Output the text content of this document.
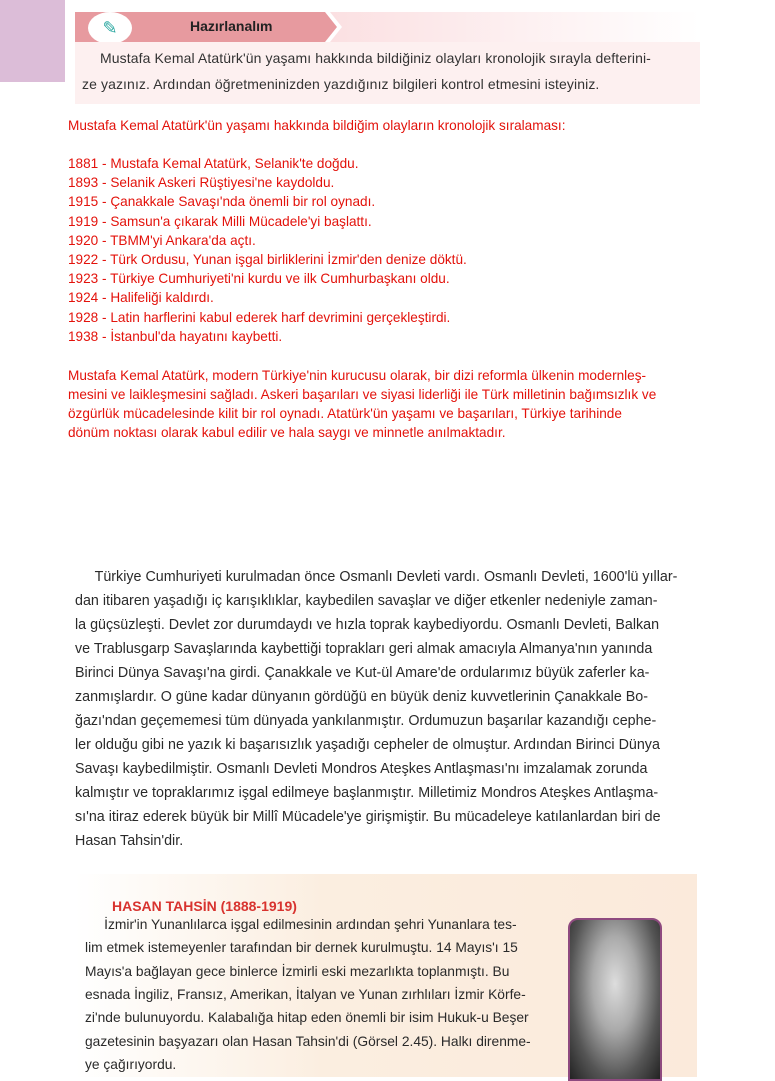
✎	Hazırlanalım
Mustafa Kemal Atatürk'ün yaşamı hakkında bildiğiniz olayları kronolojik sırayla defterini-
ze yazınız. Ardından öğretmeninizden yazdığınız bilgileri kontrol etmesini isteyiniz.
Mustafa Kemal Atatürk'ün yaşamı hakkında bildiğim olayların kronolojik sıralaması:
1881 - Mustafa Kemal Atatürk, Selanik'te doğdu.
1893 - Selanik Askeri Rüştiyesi'ne kaydoldu.
1915 - Çanakkale Savaşı'nda önemli bir rol oynadı.
1919 - Samsun'a çıkarak Milli Mücadele'yi başlattı.
1920 - TBMM'yi Ankara'da açtı.
1922 - Türk Ordusu, Yunan işgal birliklerini İzmir'den denize döktü.
1923 - Türkiye Cumhuriyeti'ni kurdu ve ilk Cumhurbaşkanı oldu.
1924 - Halifeliği kaldırdı.
1928 - Latin harflerini kabul ederek harf devrimini gerçekleştirdi.
1938 - İstanbul'da hayatını kaybetti.
Mustafa Kemal Atatürk, modern Türkiye'nin kurucusu olarak, bir dizi reformla ülkenin modernleş-
mesini ve laikleşmesini sağladı. Askeri başarıları ve siyasi liderliği ile Türk milletinin bağımsızlık ve
özgürlük mücadelesinde kilit bir rol oynadı. Atatürk'ün yaşamı ve başarıları, Türkiye tarihinde
dönüm noktası olarak kabul edilir ve hala saygı ve minnetle anılmaktadır.
Türkiye Cumhuriyeti kurulmadan önce Osmanlı Devleti vardı. Osmanlı Devleti, 1600'lü yıllar-
dan itibaren yaşadığı iç karışıklıklar, kaybedilen savaşlar ve diğer etkenler nedeniyle zaman-
la güçsüzleşti. Devlet zor durumdaydı ve hızla toprak kaybediyordu. Osmanlı Devleti, Balkan
ve Trablusgarp Savaşlarında kaybettiği toprakları geri almak amacıyla Almanya'nın yanında
Birinci Dünya Savaşı'na girdi. Çanakkale ve Kut-ül Amare'de ordularımız büyük zaferler ka-
zanmışlardır. O güne kadar dünyanın gördüğü en büyük deniz kuvvetlerinin Çanakkale Bo-
ğazı'ndan geçememesi tüm dünyada yankılanmıştır. Ordumuzun başarılar kazandığı cephe-
ler olduğu gibi ne yazık ki başarısızlık yaşadığı cepheler de olmuştur. Ardından Birinci Dünya
Savaşı kaybedilmiştir. Osmanlı Devleti Mondros Ateşkes Antlaşması'nı imzalamak zorunda
kalmıştır ve topraklarımız işgal edilmeye başlanmıştır. Milletimiz Mondros Ateşkes Antlaşma-
sı'na itiraz ederek büyük bir Millî Mücadele'ye girişmiştir. Bu mücadeleye katılanlardan biri de
Hasan Tahsin'dir.
İzmir'in Yunanlılarca işgal edilmesinin ardından şehri Yunanlara tes-
lim etmek istemeyenler tarafından bir dernek kurulmuştu. 14 Mayıs'ı 15
Mayıs'a bağlayan gece binlerce İzmirli eski mezarlıkta toplanmıştı. Bu
esnada İngiliz, Fransız, Amerikan, İtalyan ve Yunan zırhlıları İzmir Körfe-
zi'nde bulunuyordu. Kalabalığa hitap eden önemli bir isim Hukuk-u Beşer
gazetesinin başyazarı olan Hasan Tahsin'di (Görsel 2.45). Halkı direnme-
ye çağırıyordu.
HASAN TAHSİN (1888-1919)
